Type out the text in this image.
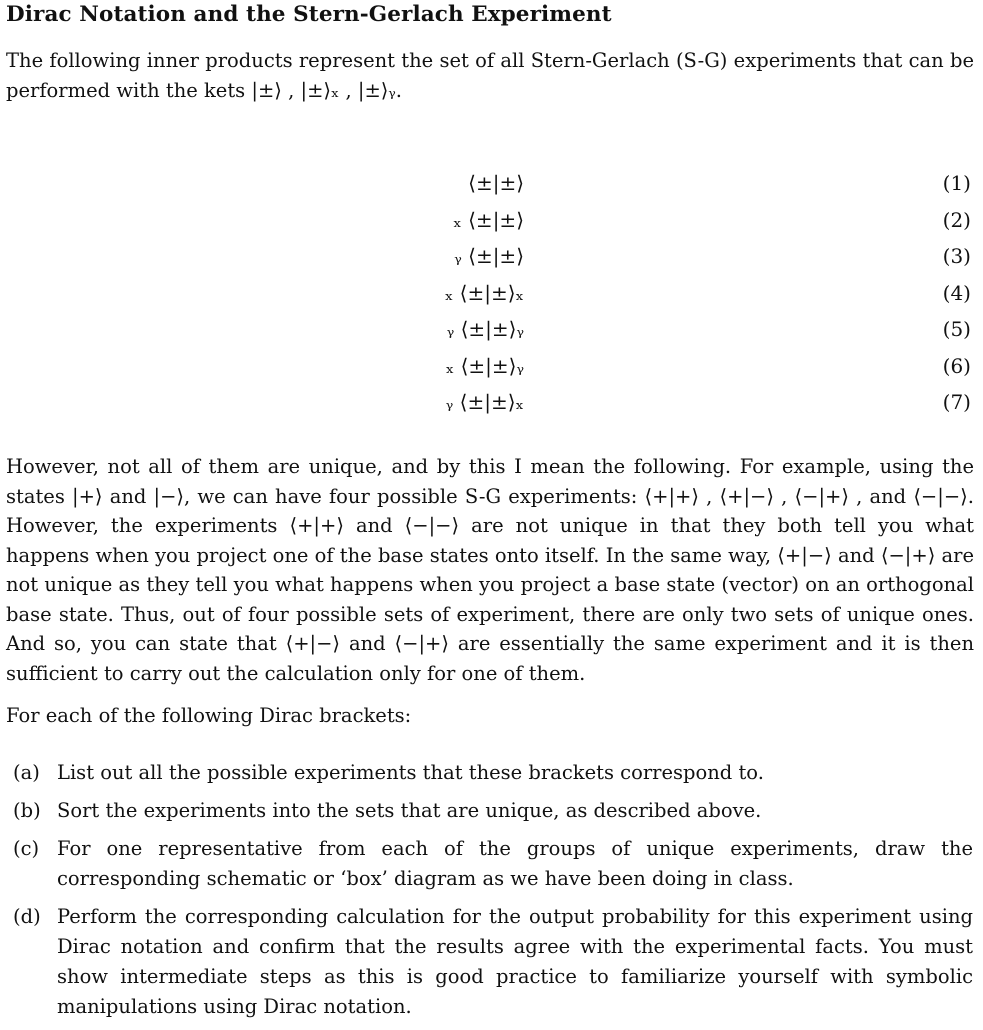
Dirac Notation and the Stern-Gerlach Experiment
The following inner products represent the set of all Stern-Gerlach (S-G) experiments that can be performed with the kets |±⟩ , |±⟩ₓ , |±⟩ᵧ.
⟨±|±⟩	(1)
ₓ ⟨±|±⟩	(2)
ᵧ ⟨±|±⟩	(3)
ₓ ⟨±|±⟩ₓ	(4)
ᵧ ⟨±|±⟩ᵧ	(5)
ₓ ⟨±|±⟩ᵧ	(6)
ᵧ ⟨±|±⟩ₓ	(7)
However, not all of them are unique, and by this I mean the following. For example, using the states |+⟩ and |−⟩, we can have four possible S-G experiments: ⟨+|+⟩ , ⟨+|−⟩ , ⟨−|+⟩ , and ⟨−|−⟩. However, the experiments ⟨+|+⟩ and ⟨−|−⟩ are not unique in that they both tell you what happens when you project one of the base states onto itself. In the same way, ⟨+|−⟩ and ⟨−|+⟩ are not unique as they tell you what happens when you project a base state (vector) on an orthogonal base state. Thus, out of four possible sets of experiment, there are only two sets of unique ones. And so, you can state that ⟨+|−⟩ and ⟨−|+⟩ are essentially the same experiment and it is then sufficient to carry out the calculation only for one of them.
For each of the following Dirac brackets:
(a) List out all the possible experiments that these brackets correspond to.
(b) Sort the experiments into the sets that are unique, as described above.
(c) For one representative from each of the groups of unique experiments, draw the corresponding schematic or ‘box’ diagram as we have been doing in class.
(d) Perform the corresponding calculation for the output probability for this experiment using Dirac notation and confirm that the results agree with the experimental facts. You must show intermediate steps as this is good practice to familiarize yourself with symbolic manipulations using Dirac notation.
